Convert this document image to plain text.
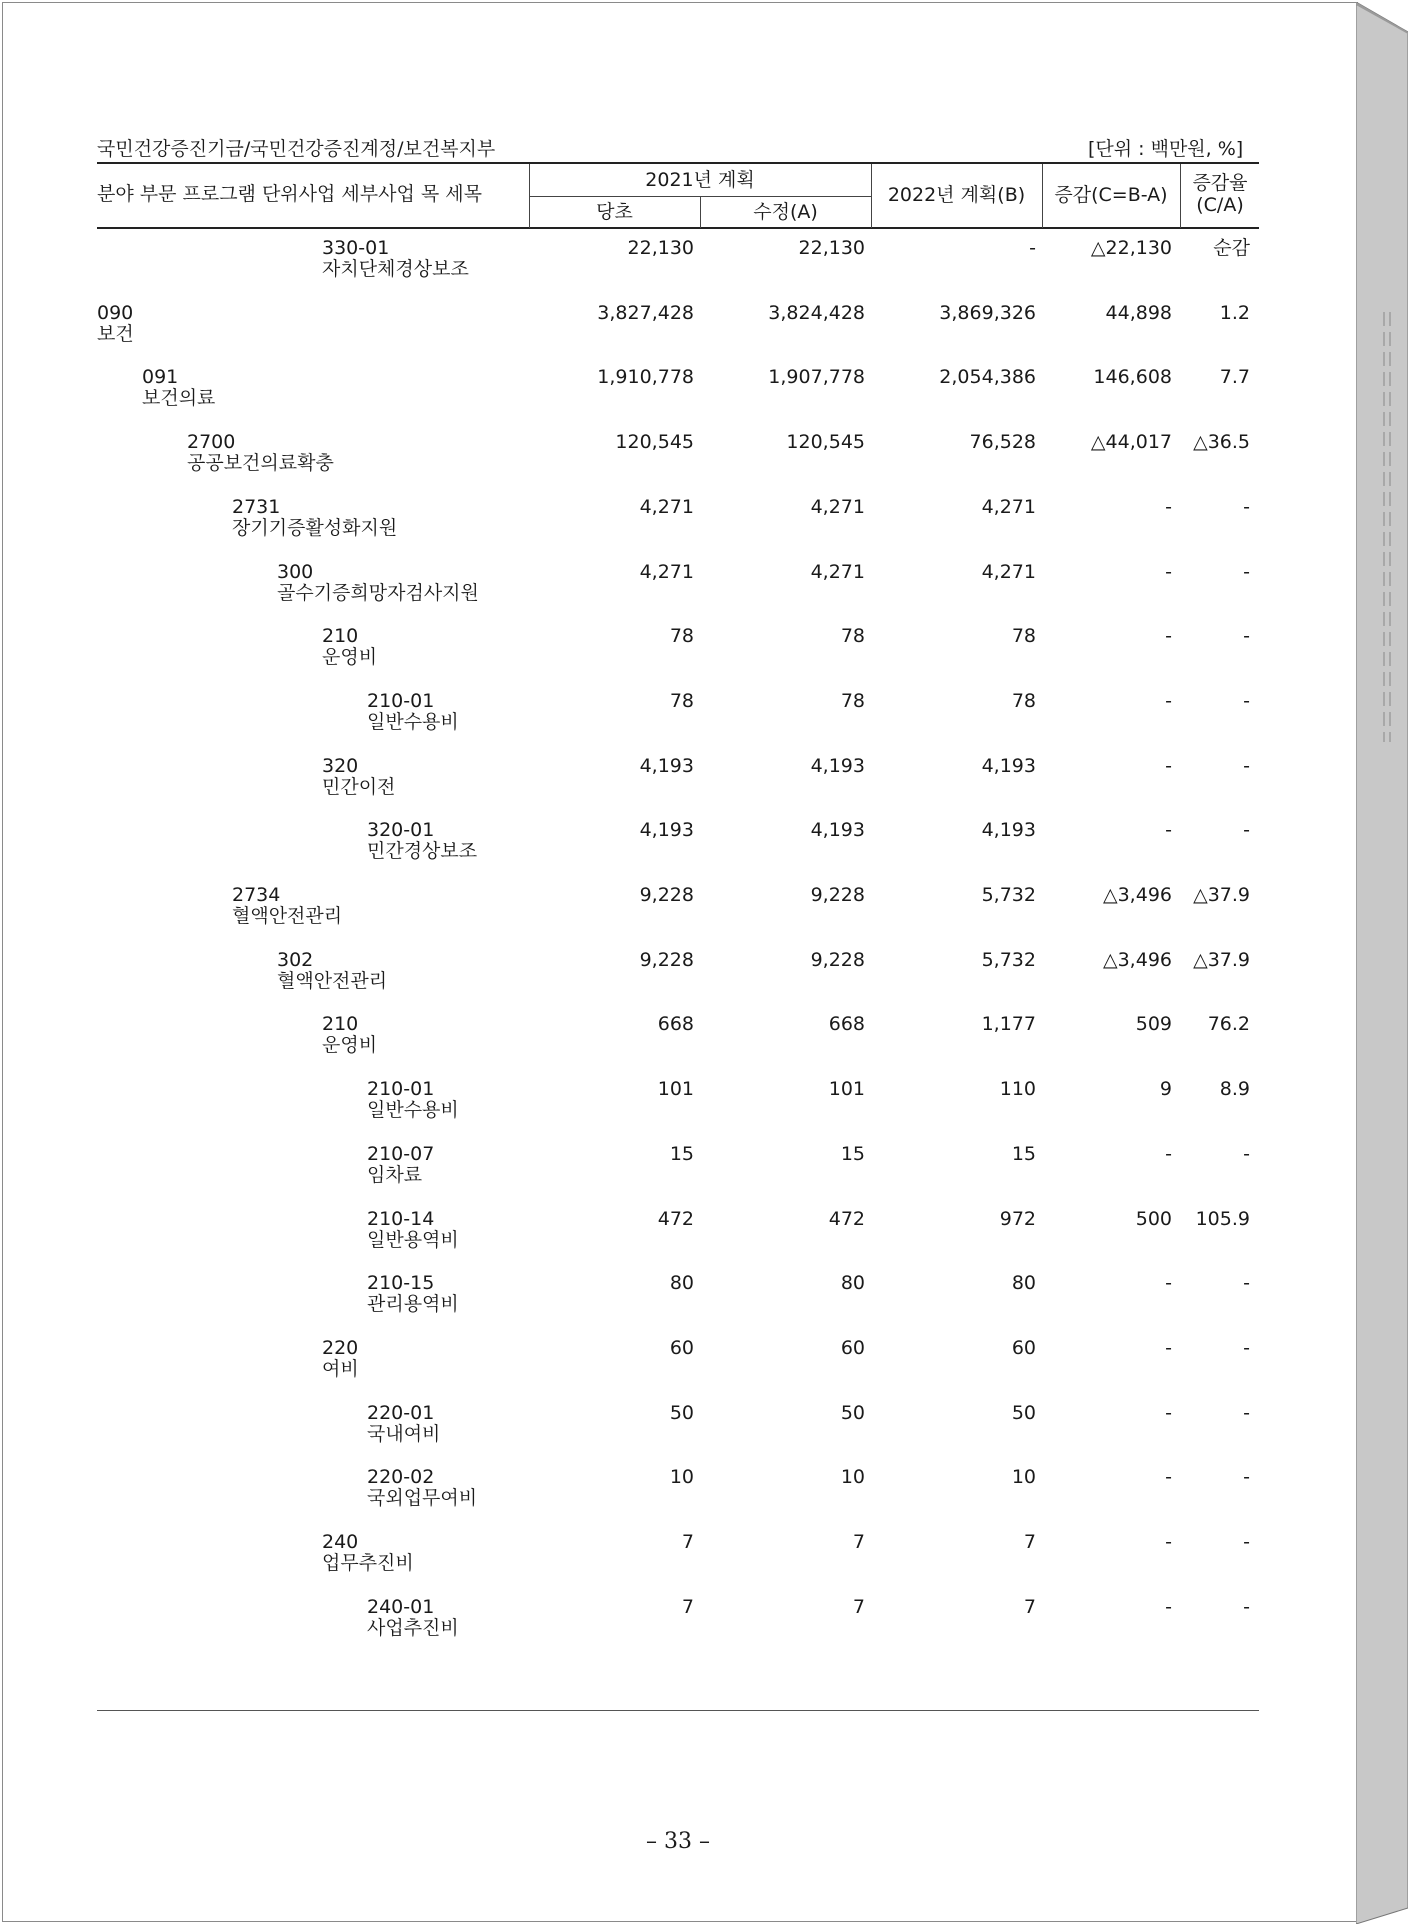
국민건강증진기금/국민건강증진계정/보건복지부	[단위 : 백만원, %]
분야 부문 프로그램 단위사업 세부사업 목 세목
2021년 계획
당초	수정(A)
2022년 계획(B)	증감(C=B-A)
증감율
(C/A)
330-01
자치단체경상보조
22,130	22,130	-	△22,130 순감
090
보건
3,827,428	3,824,428	3,869,326	44,898	1.2
091
보건의료
1,910,778	1,907,778	2,054,386	146,608	7.7
2700
공공보건의료확충
120,545	120,545	76,528	△44,017 △36.5
2731
장기기증활성화지원
4,271	4,271	4,271	-	-
300
골수기증희망자검사지원
4,271	4,271	4,271	-	-
210
운영비
78	78	78	-	-
210-01
일반수용비
78	78	78	-	-
320
민간이전
4,193	4,193	4,193	-	-
320-01
민간경상보조
4,193	4,193	4,193	-	-
2734
혈액안전관리
9,228	9,228	5,732	△3,496 △37.9
302
혈액안전관리
9,228	9,228	5,732	△3,496 △37.9
210
운영비
668	668	1,177	509 76.2
210-01
일반수용비
101	101	110	9	8.9
210-07
임차료
15	15	15	-	-
210-14
일반용역비
472	472	972	500 105.9
210-15
관리용역비
80	80	80	-	-
220
여비
60	60	60	-	-
220-01
국내여비
50	50	50	-	-
220-02
국외업무여비
10	10	10	-	-
240
업무추진비
7	7	7	-	-
240-01
사업추진비
7	7	7	-	-
– 33 –
